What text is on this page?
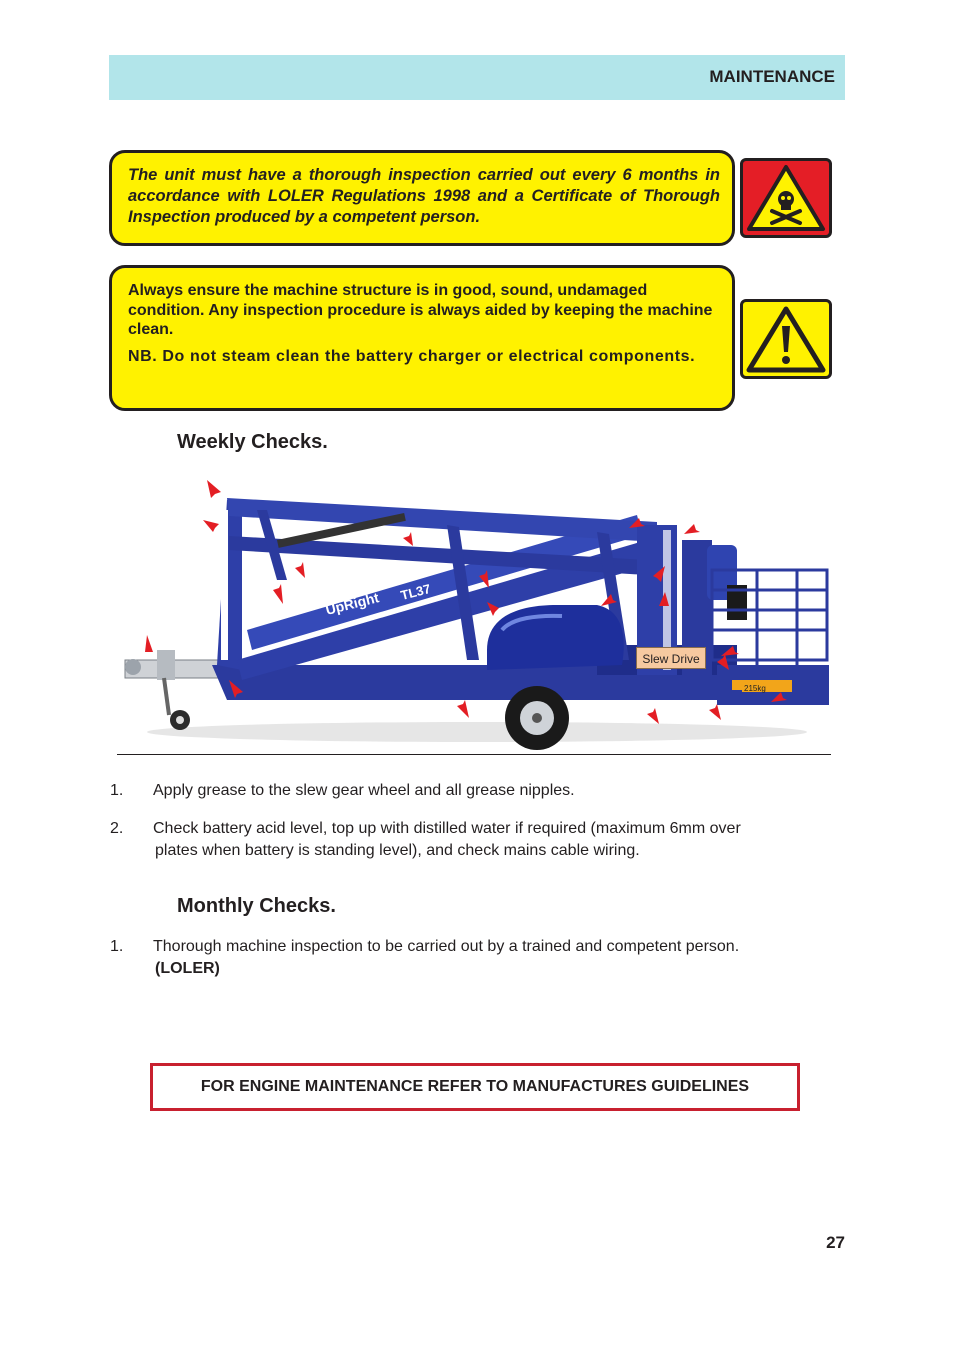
MAINTENANCE
The unit must have a thorough inspection carried out every 6 months in accordance with LOLER Regulations 1998 and a Certificate of Thorough Inspection produced by a competent person.
Always ensure the machine structure is in good, sound, undamaged condition. Any inspection procedure is always aided by keeping the machine clean.
NB. Do not steam clean the battery charger or electrical components.
Weekly Checks.
UpRight TL37
215kg
Slew Drive
1. Apply grease to the slew gear wheel and all grease nipples.
2. Check battery acid level, top up with distilled water if required (maximum 6mm over
plates when battery is standing level), and check mains cable wiring.
Monthly Checks.
1. Thorough machine inspection to be carried out by a trained and competent person.
(LOLER)
FOR ENGINE MAINTENANCE REFER TO MANUFACTURES GUIDELINES
27
